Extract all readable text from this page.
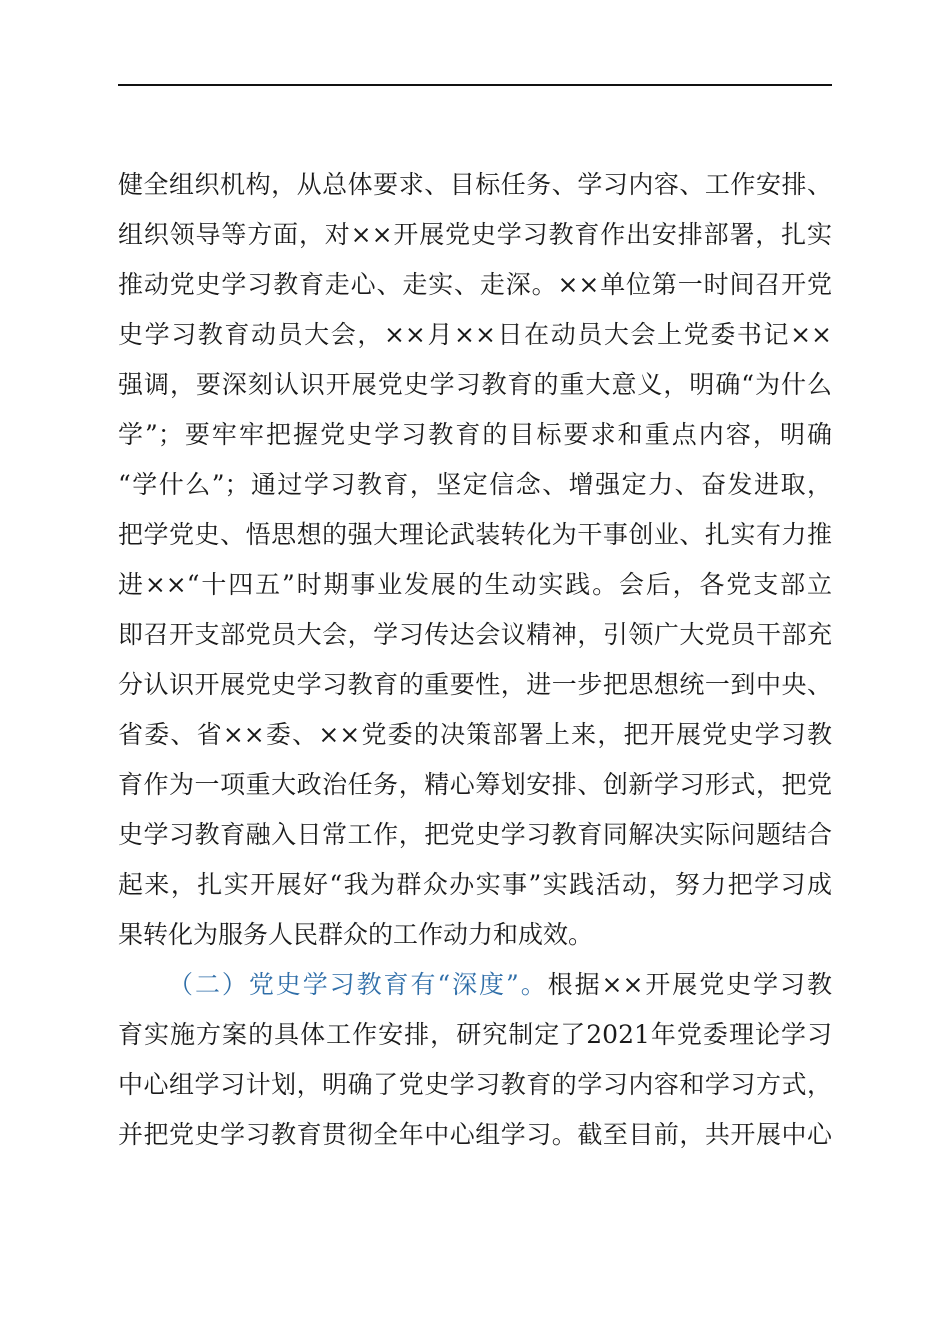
健全组织机构，从总体要求、目标任务、学习内容、工作安排、
组织领导等方面，对××开展党史学习教育作出安排部署，扎实
推动党史学习教育走心、走实、走深。××单位第一时间召开党
史学习教育动员大会，××月××日在动员大会上党委书记××
强调，要深刻认识开展党史学习教育的重大意义，明确“为什么
学”；要牢牢把握党史学习教育的目标要求和重点内容，明确
“学什么”；通过学习教育，坚定信念、增强定力、奋发进取，
把学党史、悟思想的强大理论武装转化为干事创业、扎实有力推
进××“十四五”时期事业发展的生动实践。会后，各党支部立
即召开支部党员大会，学习传达会议精神，引领广大党员干部充
分认识开展党史学习教育的重要性，进一步把思想统一到中央、
省委、省××委、××党委的决策部署上来，把开展党史学习教
育作为一项重大政治任务，精心筹划安排、创新学习形式，把党
史学习教育融入日常工作，把党史学习教育同解决实际问题结合
起来，扎实开展好“我为群众办实事”实践活动，努力把学习成
果转化为服务人民群众的工作动力和成效。
（二）党史学习教育有“深度”。根据××开展党史学习教
育实施方案的具体工作安排，研究制定了2021年党委理论学习
中心组学习计划，明确了党史学习教育的学习内容和学习方式，
并把党史学习教育贯彻全年中心组学习。截至目前，共开展中心
